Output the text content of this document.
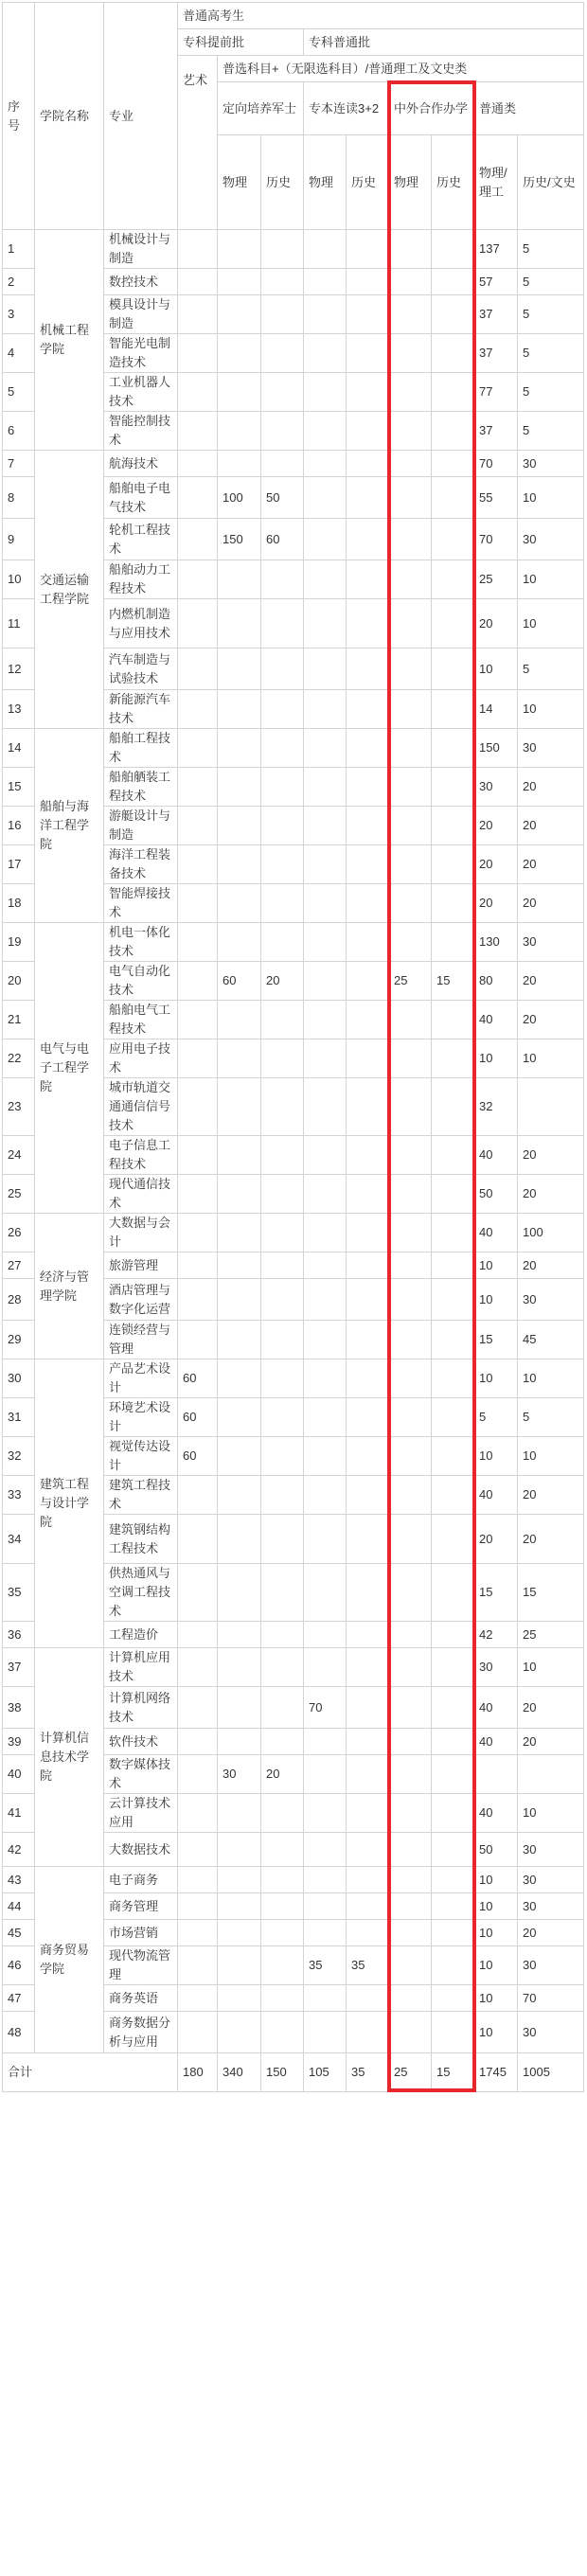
序号	学院名称	专业	普通高考生								
			专科提前批			专科普通批					
			艺术	普选科目+（无限选科目）/普通理工及文史类							
				定向培养军士		专本连读3+2		中外合作办学		普通类	
				物理	历史	物理	历史	物理	历史	物理/理工	历史/文史
1	机械工程学院	机械设计与制造								137	5
2		数控技术								57	5
3		模具设计与制造								37	5
4		智能光电制造技术								37	5
5		工业机器人技术								77	5
6		智能控制技术								37	5
7	交通运输工程学院	航海技术								70	30
8		船舶电子电气技术		100	50					55	10
9		轮机工程技术		150	60					70	30
10		船舶动力工程技术								25	10
11		内燃机制造与应用技术								20	10
12		汽车制造与试验技术								10	5
13		新能源汽车技术								14	10
14	船舶与海洋工程学院	船舶工程技术								150	30
15		船舶舾装工程技术								30	20
16		游艇设计与制造								20	20
17		海洋工程装备技术								20	20
18		智能焊接技术								20	20
19	电气与电子工程学院	机电一体化技术								130	30
20		电气自动化技术		60	20			25	15	80	20
21		船舶电气工程技术								40	20
22		应用电子技术								10	10
23		城市轨道交通通信信号技术								32	
24		电子信息工程技术								40	20
25		现代通信技术								50	20
26	经济与管理学院	大数据与会计								40	100
27		旅游管理								10	20
28		酒店管理与数字化运营								10	30
29		连锁经营与管理								15	45
30	建筑工程与设计学院	产品艺术设计	60							10	10
31		环境艺术设计	60							5	5
32		视觉传达设计	60							10	10
33		建筑工程技术								40	20
34		建筑钢结构工程技术								20	20
35		供热通风与空调工程技术								15	15
36		工程造价								42	25
37	计算机信息技术学院	计算机应用技术								30	10
38		计算机网络技术				70				40	20
39		软件技术								40	20
40		数字媒体技术		30	20						
41		云计算技术应用								40	10
42		大数据技术								50	30
43	商务贸易学院	电子商务								10	30
44		商务管理								10	30
45		市场营销								10	20
46		现代物流管理				35	35			10	30
47		商务英语								10	70
48		商务数据分析与应用								10	30
合计			180	340	150	105	35	25	15	1745	1005
